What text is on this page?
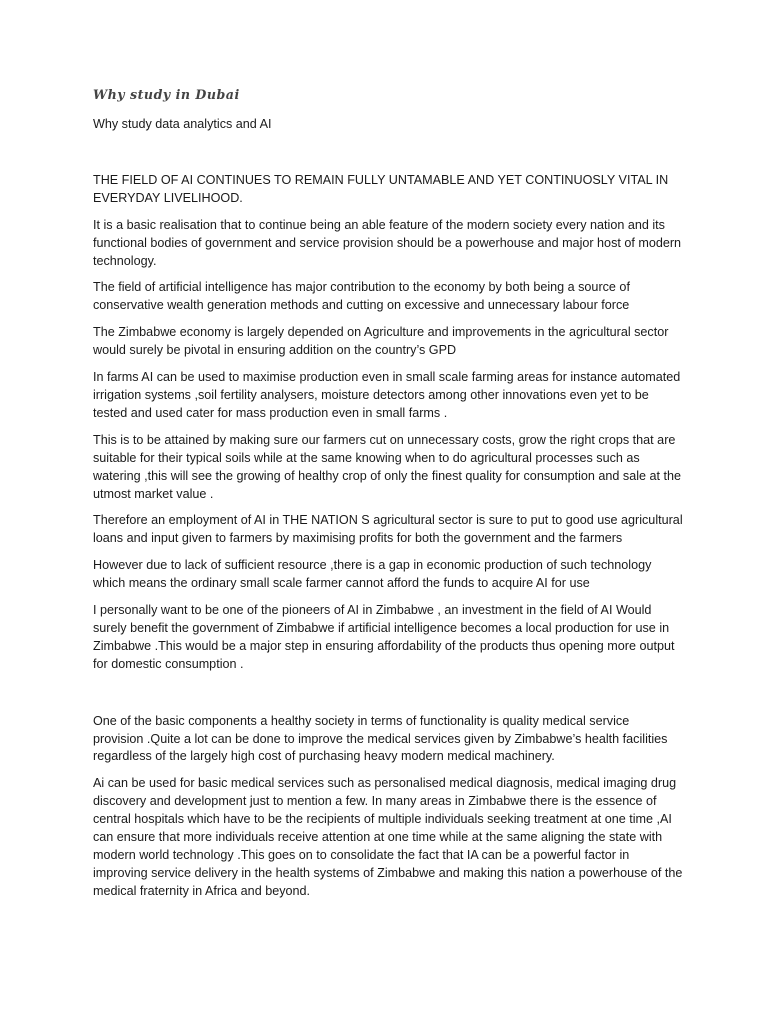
Why study in Dubai

Why study data analytics and AI

THE FIELD OF AI CONTINUES TO REMAIN FULLY UNTAMABLE AND YET CONTINUOSLY VITAL IN EVERYDAY LIVELIHOOD.

It is a basic realisation that to continue being an able feature of the modern society every nation and its functional bodies of government and service provision should be a powerhouse and major host of modern technology.

The field of artificial intelligence has major contribution to the economy by both being a source of conservative wealth generation methods and cutting on excessive and unnecessary labour force

The Zimbabwe economy is largely depended on Agriculture and improvements in the agricultural sector would surely be pivotal in ensuring addition on the country’s GPD

In farms AI can be used to maximise production even in small scale farming areas for instance automated irrigation systems ,soil fertility analysers, moisture detectors among other innovations even yet to be tested and used cater for mass production even in small farms .

This is to be attained by making sure our farmers cut on unnecessary costs, grow the right crops that are suitable for their typical soils while at the same knowing when to do agricultural processes such as watering ,this will see the growing of healthy crop of only the finest quality for consumption and sale at the utmost market value .

Therefore an employment of AI in THE NATION S agricultural sector is sure to put to good use agricultural loans and input given to farmers by maximising profits for both the government and the farmers

However due to lack of sufficient resource ,there is a gap in economic production of such technology which means the ordinary small scale farmer cannot afford the funds to acquire AI for use

I personally want to be one of the pioneers of AI in Zimbabwe , an investment in the field of AI Would surely benefit the government of Zimbabwe if artificial intelligence becomes a local production for use in Zimbabwe .This would be a major step in ensuring affordability of the products thus opening more output for domestic consumption .

One of the basic components a healthy society in terms of functionality is quality medical service provision .Quite a lot can be done to improve the medical services given by Zimbabwe’s health facilities regardless of the largely high cost of purchasing heavy modern medical machinery.

Ai can be used for basic medical services such as personalised medical diagnosis, medical imaging drug discovery and development just to mention a few. In many areas in Zimbabwe there is the essence of central hospitals which have to be the recipients of multiple individuals seeking treatment at one time ,AI can ensure that more individuals receive attention at one time while at the same aligning the state with modern world technology .This goes on to consolidate the fact that IA can be a powerful factor in improving service delivery in the health systems of Zimbabwe and making this nation a powerhouse of the medical fraternity in Africa and beyond.
